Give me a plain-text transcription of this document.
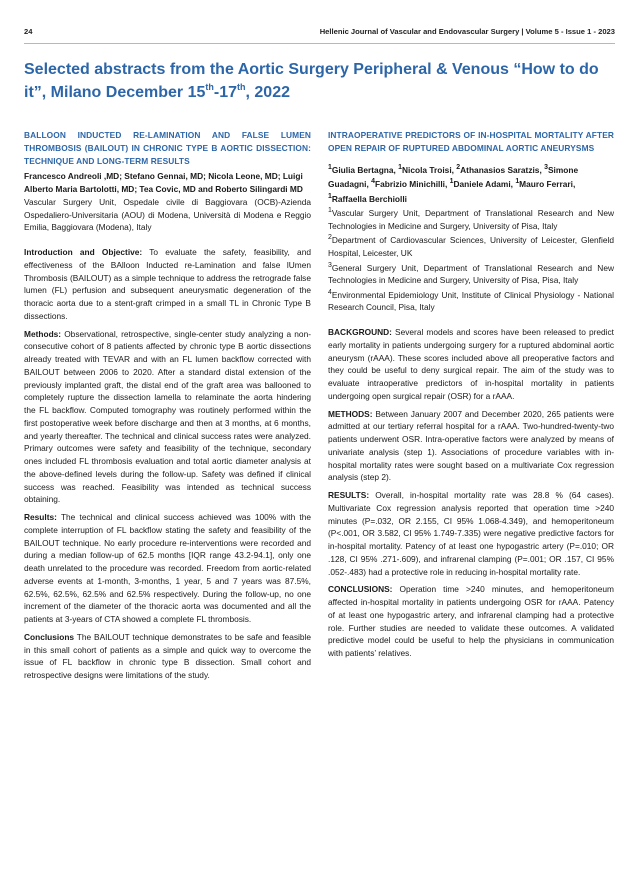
24	Hellenic Journal of Vascular and Endovascular Surgery | Volume 5 - Issue 1 - 2023
Selected abstracts from the Aortic Surgery Peripheral & Venous “How to do it”, Milano December 15th-17th, 2022
BALLOON INDUCTED RE-LAMINATION AND FALSE LUMEN THROMBOSIS (BAILOUT) IN CHRONIC TYPE B AORTIC DISSECTION: TECHNIQUE AND LONG-TERM RESULTS
Francesco Andreoli ,MD; Stefano Gennai, MD; Nicola Leone, MD; Luigi Alberto Maria Bartolotti, MD; Tea Covic, MD and Roberto Silingardi MD
Vascular Surgery Unit, Ospedale civile di Baggiovara (OCB)-Azienda Ospedaliero-Universitaria (AOU) di Modena, Università di Modena e Reggio Emilia, Baggiovara (Modena), Italy

Introduction and Objective: To evaluate the safety, feasibility, and effectiveness of the BAlloon Inducted re-Lamination and false lUmen Thrombosis (BAILOUT) as a simple technique to address the retrograde false lumen (FL) perfusion and subsequent aneurysmatic degeneration of the thoracic aorta due to a stent-graft crimped in a small TL in Chronic Type B dissections.

Methods: Observational, retrospective, single-center study analyzing a non-consecutive cohort of 8 patients affected by chronic type B aortic dissections already treated with TEVAR and with an FL lumen backflow corrected with BAILOUT between 2006 to 2020. After a standard distal extension of the previously implanted graft, the distal end of the graft area was ballooned to completely rupture the dissection lamella to relaminate the aorta hindering the FL backflow. Computed tomography was routinely performed within the first postoperative week before discharge and then at 3 months, at 6 months, and yearly thereafter. The technical and clinical success rates were analyzed. Primary outcomes were safety and feasibility of the technique, secondary ones included FL thrombosis evaluation and total aortic diameter analysis at the above-defined levels during the follow-up. Safety was defined if clinical success was reached. Feasibility was intended as technical success obtaining.

Results: The technical and clinical success achieved was 100% with the complete interruption of FL backflow stating the safety and feasibility of the BAILOUT technique. No early procedure re-interventions were recorded and during a median follow-up of 62.5 months [IQR range 43.2-94.1], only one death unrelated to the procedure was recorded. Freedom from aortic-related adverse events at 1-month, 3-months, 1 year, 5 and 7 years was 87.5%, 62.5%, 62.5%, 62.5% and 62.5% respectively. During the follow-up, no one increment of the diameter of the thoracic aorta was documented and all the patients at 3-years of CTA showed a complete FL thrombosis.

Conclusions The BAILOUT technique demonstrates to be safe and feasible in this small cohort of patients as a simple and quick way to overcome the issue of FL backflow in chronic type B dissection. Small cohort and retrospective designs were limitations of the study.

INTRAOPERATIVE PREDICTORS OF IN-HOSPITAL MORTALITY AFTER OPEN REPAIR OF RUPTURED ABDOMINAL AORTIC ANEURYSMS
$^1$Giulia Bertagna, $^1$Nicola Troisi, $^2$Athanasios Saratzis, $^3$Simone Guadagni, $^4$Fabrizio Minichilli, $^1$Daniele Adami, $^1$Mauro Ferrari, $^1$Raffaella Berchiolli

$^1$Vascular Surgery Unit, Department of Translational Research and New Technologies in Medicine and Surgery, University of Pisa, Italy

$^2$Department of Cardiovascular Sciences, University of Leicester, Glenfield Hospital, Leicester, UK

$^3$General Surgery Unit, Department of Translational Research and New Technologies in Medicine and Surgery, University of Pisa, Pisa, Italy

$^4$Environmental Epidemiology Unit, Institute of Clinical Physiology - National Research Council, Pisa, Italy

BACKGROUND: Several models and scores have been released to predict early mortality in patients undergoing surgery for a ruptured abdominal aortic aneurysm (rAAA). These scores included above all preoperative factors and they could be useful to deny surgical repair. The aim of the study was to evaluate intraoperative predictors of in-hospital mortality in patients undergoing open surgical repair (OSR) for a rAAA.

METHODS: Between January 2007 and December 2020, 265 patients were admitted at our tertiary referral hospital for a rAAA. Two-hundred-twenty-two patients underwent OSR. Intra-operative factors were analyzed by means of univariate analysis (step 1). Associations of procedure variables with in-hospital mortality rates were sought based on a multivariate Cox regression analysis (step 2).

RESULTS: Overall, in-hospital mortality rate was 28.8 % (64 cases). Multivariate Cox regression analysis reported that operation time >240 minutes (P=.032, OR 2.155, CI 95% 1.068-4.349), and hemoperitoneum (P<.001, OR 3.582, CI 95% 1.749-7.335) were negative predictive factors for in-hospital mortality. Patency of at least one hypogastric artery (P=.010; OR .128, CI 95% .271-.609), and infrarenal clamping (P=.001; OR .157, CI 95% .052-.483) had a protective role in reducing in-hospital mortality rate.

CONCLUSIONS: Operation time >240 minutes, and hemoperitoneum affected in-hospital mortality in patients undergoing OSR for rAAA. Patency of at least one hypogastric artery, and infrarenal clamping had a protective role. Further studies are needed to validate these outcomes. A validated predictive model could be useful to help the physicians in communication with patients’ relatives.
